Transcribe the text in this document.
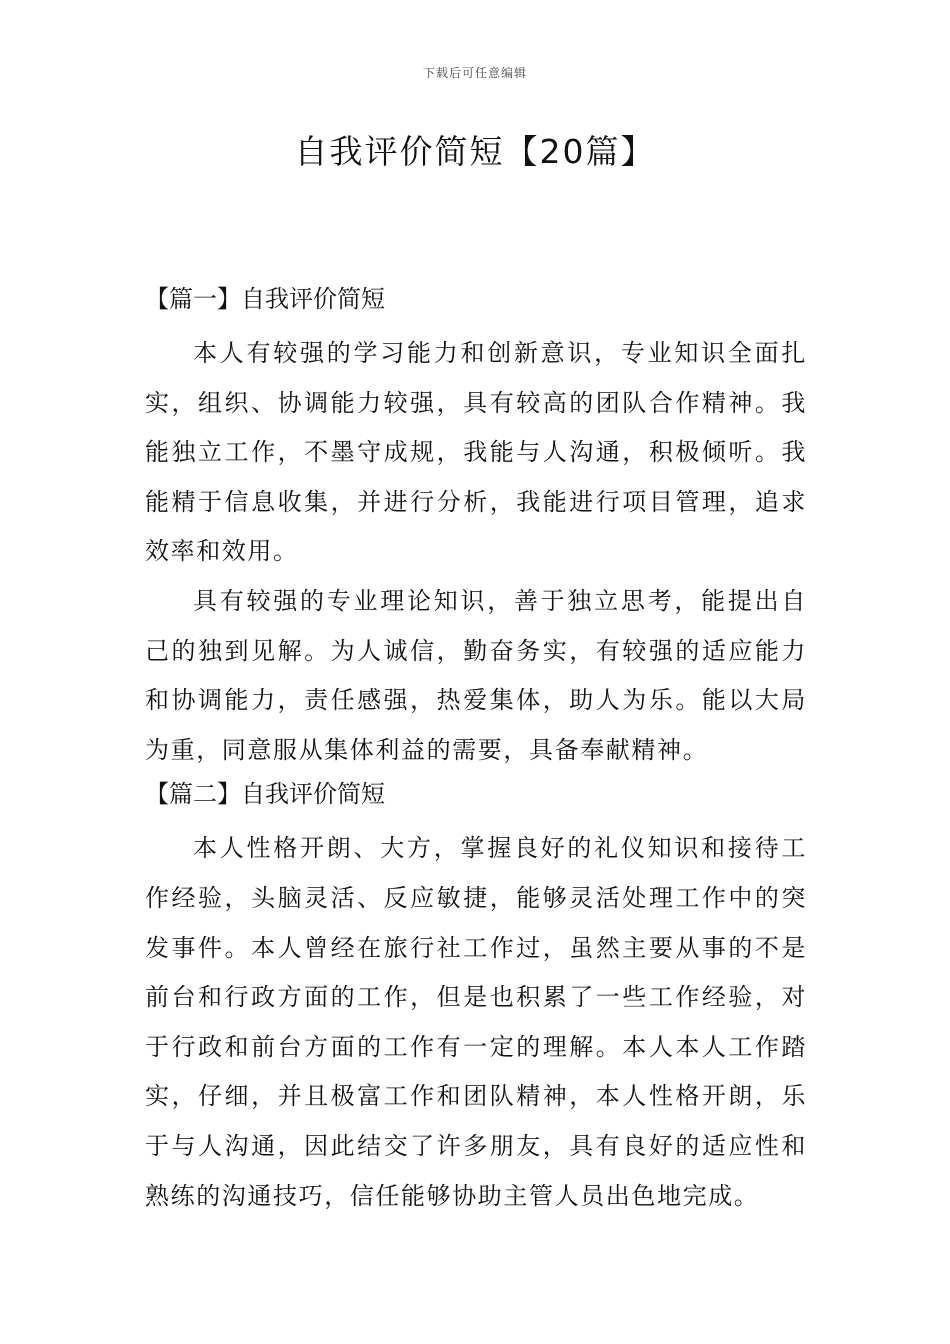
下载后可任意编辑
自我评价简短【20篇】
【篇一】自我评价简短

本人有较强的学习能力和创新意识，专业知识全面扎实，组织、协调能力较强，具有较高的团队合作精神。我能独立工作，不墨守成规，我能与人沟通，积极倾听。我能精于信息收集，并进行分析，我能进行项目管理，追求效率和效用。

具有较强的专业理论知识，善于独立思考，能提出自己的独到见解。为人诚信，勤奋务实，有较强的适应能力和协调能力，责任感强，热爱集体，助人为乐。能以大局为重，同意服从集体利益的需要，具备奉献精神。

【篇二】自我评价简短

本人性格开朗、大方，掌握良好的礼仪知识和接待工作经验，头脑灵活、反应敏捷，能够灵活处理工作中的突发事件。本人曾经在旅行社工作过，虽然主要从事的不是前台和行政方面的工作，但是也积累了一些工作经验，对于行政和前台方面的工作有一定的理解。本人本人工作踏实，仔细，并且极富工作和团队精神，本人性格开朗，乐于与人沟通，因此结交了许多朋友，具有良好的适应性和熟练的沟通技巧，信任能够协助主管人员出色地完成。
